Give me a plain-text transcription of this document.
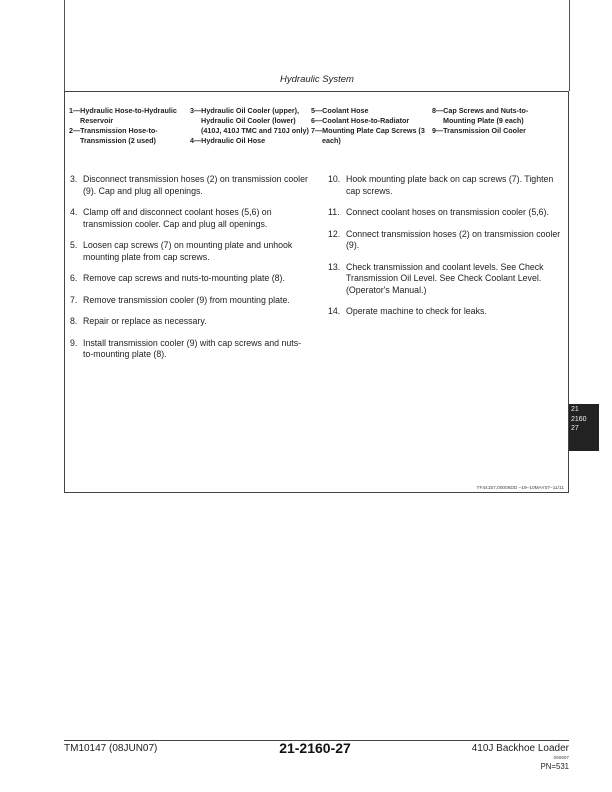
Hydraulic System
1—Hydraulic Hose-to-Hydraulic Reservoir
2—Transmission Hose-to-Transmission (2 used)
3—Hydraulic Oil Cooler (upper), Hydraulic Oil Cooler (lower) (410J, 410J TMC and 710J only)
4—Hydraulic Oil Hose
5—Coolant Hose
6—Coolant Hose-to-Radiator
7—Mounting Plate Cap Screws (3 each)
8—Cap Screws and Nuts-to-Mounting Plate (9 each)
9—Transmission Oil Cooler
3. Disconnect transmission hoses (2) on transmission cooler (9). Cap and plug all openings.
4. Clamp off and disconnect coolant hoses (5,6) on transmission cooler. Cap and plug all openings.
5. Loosen cap screws (7) on mounting plate and unhook mounting plate from cap screws.
6. Remove cap screws and nuts-to-mounting plate (8).
7. Remove transmission cooler (9) from mounting plate.
8. Repair or replace as necessary.
9. Install transmission cooler (9) with cap screws and nuts-to-mounting plate (8).
10. Hook mounting plate back on cap screws (7). Tighten cap screws.
11. Connect coolant hoses on transmission cooler (5,6).
12. Connect transmission hoses (2) on transmission cooler (9).
13. Check transmission and coolant levels. See Check Transmission Oil Level. See Check Coolant Level. (Operator's Manual.)
14. Operate machine to check for leaks.
TF44157,00006DD –19–10MAY07–11/11
21
2160
27
TM10147 (08JUN07)	21-2160-27	410J Backhoe Loader
060607
PN=531
